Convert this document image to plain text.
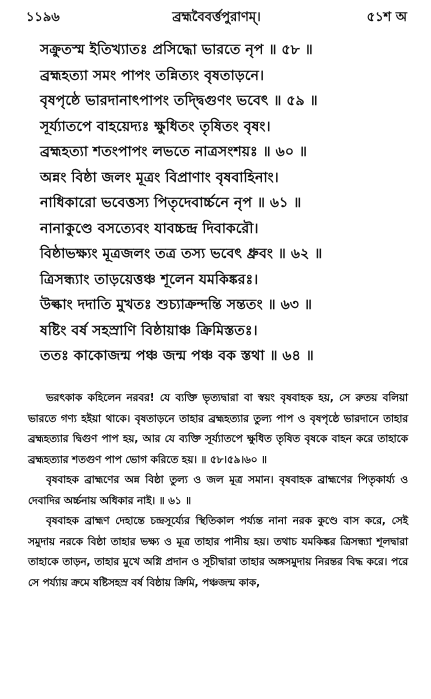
১১৯৬	ব্রহ্মবৈবর্ত্তপুরাণম্।	৫১শ অ
সক্রুতস্ম ইতিখ্যাতঃ প্রসিদ্ধো ভারতে নৃপ ॥ ৫৮ ॥
ব্রহ্মহত্যা সমং পাপং তন্নিত্যং বৃষতাড়নে।
বৃষপৃষ্ঠে ভারদানাৎপাপং তদ্দ্বিগুণং ভবেৎ ॥ ৫৯ ॥
সূর্য্যাতপে বাহয়েদ্যঃ ক্ষুধিতং তৃষিতং বৃষং।
ব্রহ্মহত্যা শতংপাপং লভতে নাত্রসংশয়ঃ ॥ ৬০ ॥
অন্নং বিষ্ঠা জলং মূত্রং বিপ্রাণাং বৃষবাহিনাং।
নাধিকারো ভবেত্তস্য পিতৃদেবার্চ্চনে নৃপ ॥ ৬১ ॥
নানাকুণ্ডে বসত্যেবং যাবচ্চন্দ্র দিবাকরৌ।
বিষ্ঠাভক্ষ্যং মূত্রজলং তত্র তস্য ভবেৎ ধ্রুবং ॥ ৬২ ॥
ত্রিসন্ধ্যাং তাড়য়েত্তঞ্চ শূলেন যমকিঙ্করঃ।
উল্কাং দদাতি মুখতঃ শুচ্যাক্রন্দন্তি সন্ততং ॥ ৬৩ ॥
ষষ্টিং বর্ষ সহস্রাণি বিষ্ঠায়াঞ্চ ক্রিমিস্ততঃ।
ততঃ কাকোজন্ম পঞ্চ জন্ম পঞ্চ বক স্তথা ॥ ৬৪ ॥

ভরৎকাক কহিলেন নরবর! যে ব্যক্তি ভৃত্যদ্বারা বা স্বয়ং বৃষবাহক হয়, সে রুতয় বলিয়া ভারতে গণ্য হইয়া থাকে। বৃষতাড়নে তাহার ব্রহ্মহত্যার তুল্য পাপ ও বৃষপৃষ্ঠে ভারদানে তাহার ব্রহ্মহত্যার দ্বিগুণ পাপ হয়, আর যে ব্যক্তি সূর্য্যাতপে ক্ষুধিত তৃষিত বৃষকে বাহন করে তাহাকে ব্রহ্মহত্যার শতগুণ পাপ ভোগ করিতে হয়। ॥ ৫৮।৫৯।৬০ ॥

বৃষবাহক ব্রাহ্মণের অন্ন বিষ্ঠা তুল্য ও জল মূত্র সমান। বৃষবাহক ব্রাহ্মণের পিতৃকার্য্য ও দেবাদির অর্চ্চনায় অধিকার নাই। ॥ ৬১ ॥

বৃষবাহক ব্রাহ্মণ দেহান্তে চন্দ্রসূর্য্যের স্থিতিকাল পর্য্যন্ত নানা নরক কুণ্ডে বাস করে, সেই সমুদায় নরকে বিষ্ঠা তাহার ভক্ষ্য ও মূত্র তাহার পানীয় হয়। তথাচ যমকিঙ্কর ত্রিসন্ধ্যা শূলদ্বারা তাহাকে তাড়ন, তাহার মুখে অগ্নি প্রদান ও সূচীদ্বারা তাহার অঙ্গসমুদায় নিরন্তর বিদ্ধ করে। পরে সে পর্য্যায় ক্রমে ষষ্টিসহস্র বর্ষ বিষ্ঠায় ক্রিমি, পঞ্চজন্ম কাক,
